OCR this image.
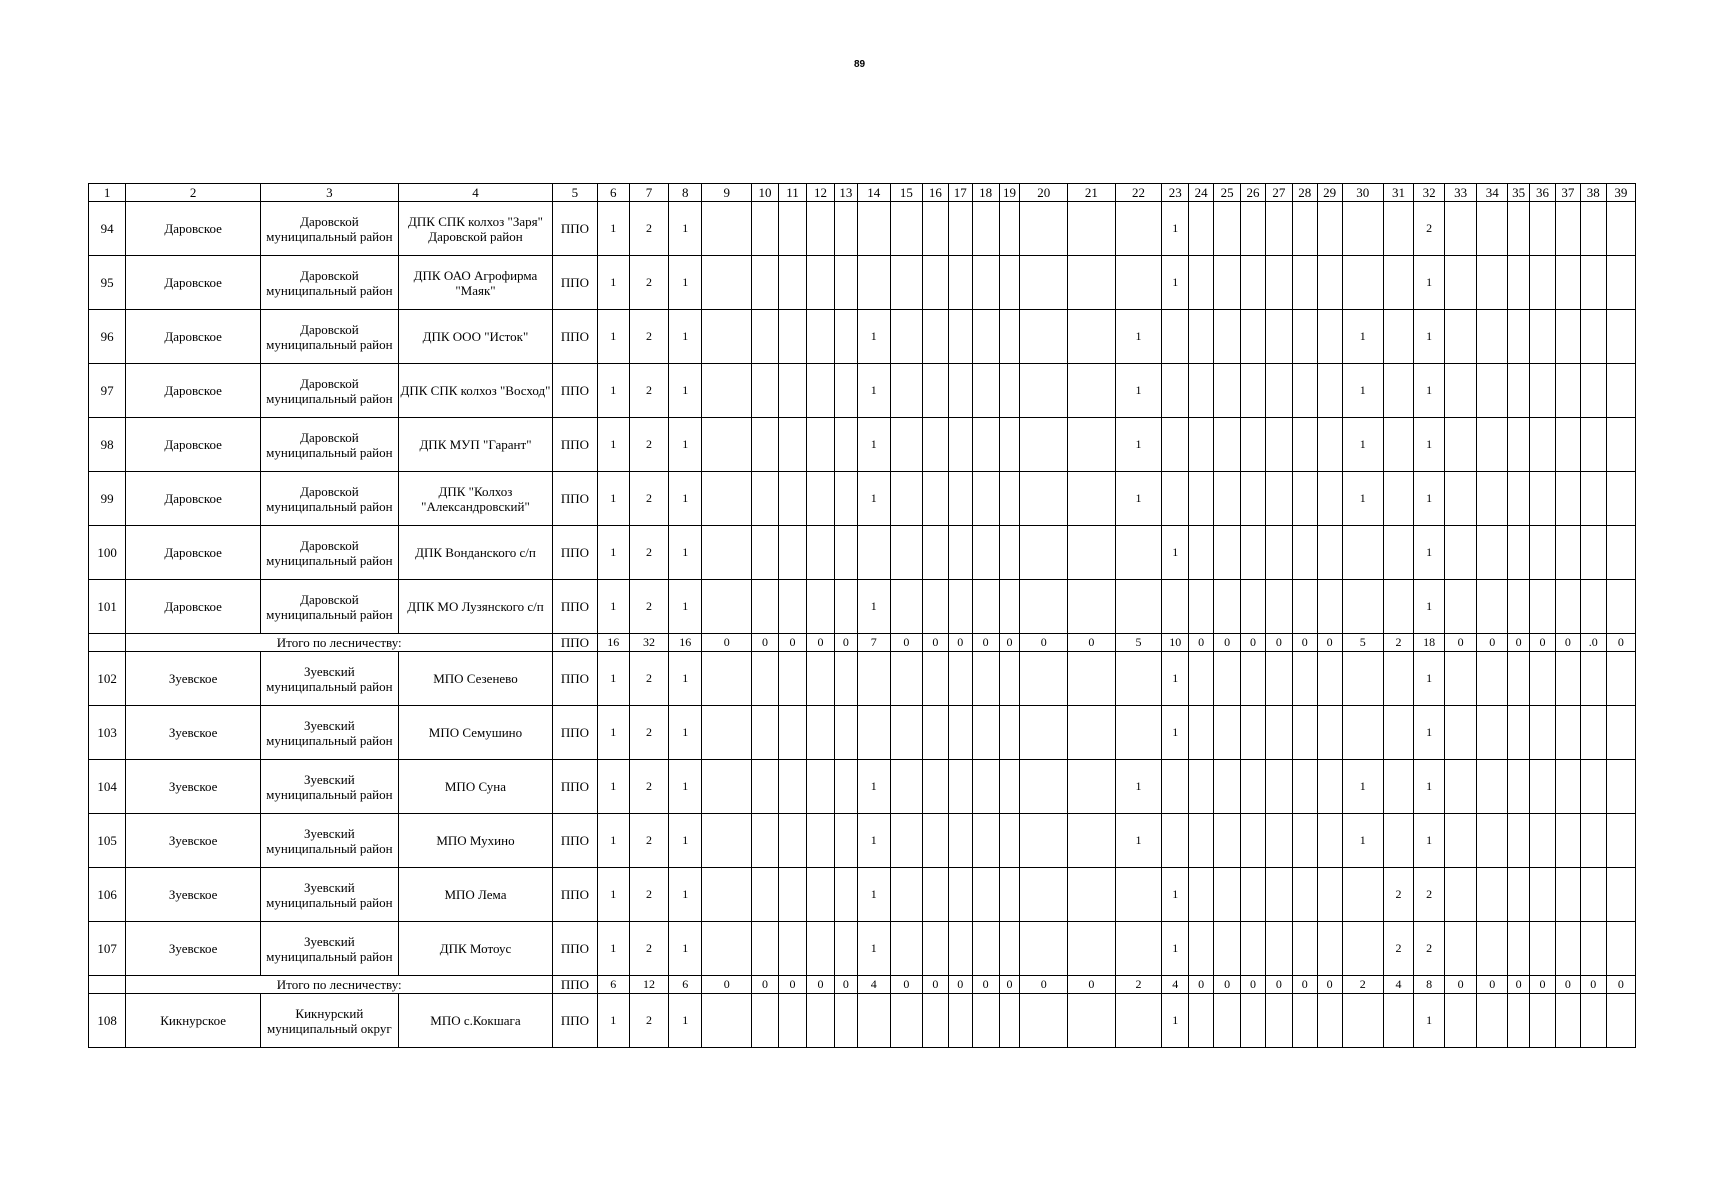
89
1	2	3	4	5	6	7	8	9	10	11	12	13	14	15	16	17	18	19	20	21	22	23	24	25	26	27	28	29	30	31	32	33	34	35	36	37	38	39
94	Даровское	Даровской муниципальный район	ДПК СПК колхоз "Заря" Даровской район	ППО	1	2	1															1									2							
95	Даровское	Даровской муниципальный район	ДПК ОАО Агрофирма "Маяк"	ППО	1	2	1															1									1							
96	Даровское	Даровской муниципальный район	ДПК ООО "Исток"	ППО	1	2	1						1								1								1		1							
97	Даровское	Даровской муниципальный район	ДПК СПК колхоз "Восход"	ППО	1	2	1						1								1								1		1							
98	Даровское	Даровской муниципальный район	ДПК МУП "Гарант"	ППО	1	2	1						1								1								1		1							
99	Даровское	Даровской муниципальный район	ДПК "Колхоз "Александровский"	ППО	1	2	1						1								1								1		1							
100	Даровское	Даровской муниципальный район	ДПК Вонданского с/п	ППО	1	2	1															1									1							
101	Даровское	Даровской муниципальный район	ДПК МО Лузянского с/п	ППО	1	2	1						1																		1							
	Итого по лесничеству:			ППО	16	32	16	0	0	0	0	0	7	0	0	0	0	0	0	0	5	10	0	0	0	0	0	0	5	2	18	0	0	0	0	0	.0	0
102	Зуевское	Зуевский муниципальный район	МПО Сезенево	ППО	1	2	1															1									1							
103	Зуевское	Зуевский муниципальный район	МПО Семушино	ППО	1	2	1															1									1							
104	Зуевское	Зуевский муниципальный район	МПО Суна	ППО	1	2	1						1								1								1		1							
105	Зуевское	Зуевский муниципальный район	МПО Мухино	ППО	1	2	1						1								1								1		1							
106	Зуевское	Зуевский муниципальный район	МПО Лема	ППО	1	2	1						1									1								2	2							
107	Зуевское	Зуевский муниципальный район	ДПК Мотоус	ППО	1	2	1						1									1								2	2							
	Итого по лесничеству:			ППО	6	12	6	0	0	0	0	0	4	0	0	0	0	0	0	0	2	4	0	0	0	0	0	0	2	4	8	0	0	0	0	0	0	0
108	Кикнурское	Кикнурский муниципальный округ	МПО с.Кокшага	ППО	1	2	1															1									1							
